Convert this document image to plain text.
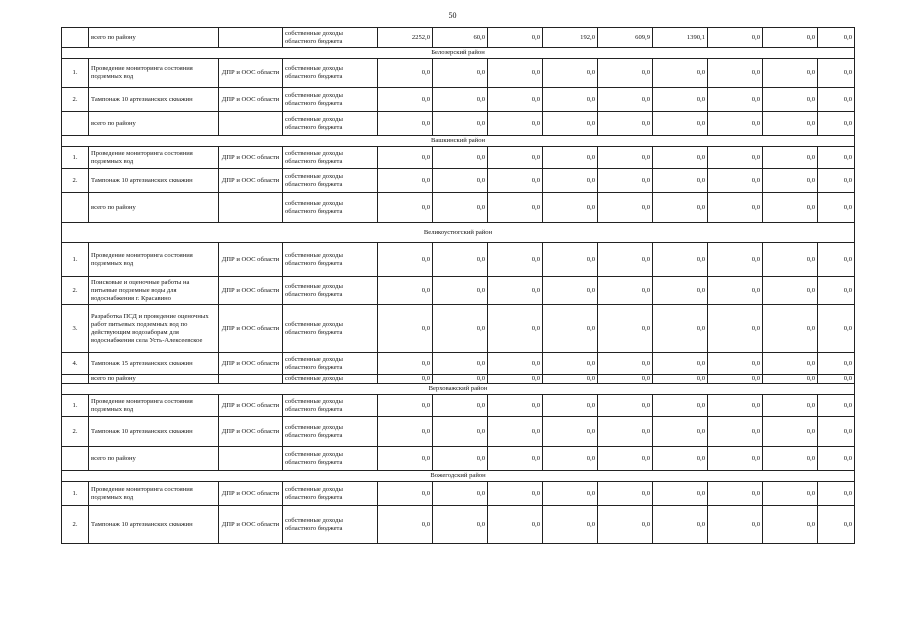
50
	всего по району		собственные доходы областного бюджета	2252,0	60,0	0,0	192,0	609,9	1390,1	0,0	0,0	0,0
Белозерский район												
1.	Проведение мониторинга состояния подземных вод	ДПР и ООС области	собственные доходы областного бюджета	0,0	0,0	0,0	0,0	0,0	0,0	0,0	0,0	0,0
2.	Тампонаж 10 артезианских скважин	ДПР и ООС области	собственные доходы областного бюджета	0,0	0,0	0,0	0,0	0,0	0,0	0,0	0,0	0,0
	всего по району		собственные доходы областного бюджета	0,0	0,0	0,0	0,0	0,0	0,0	0,0	0,0	0,0
Вашкинский район												
1.	Проведение мониторинга состояния подземных вод	ДПР и ООС области	собственные доходы областного бюджета	0,0	0,0	0,0	0,0	0,0	0,0	0,0	0,0	0,0
2.	Тампонаж 10 артезианских скважин	ДПР и ООС области	собственные доходы областного бюджета	0,0	0,0	0,0	0,0	0,0	0,0	0,0	0,0	0,0
	всего по району		собственные доходы областного бюджета	0,0	0,0	0,0	0,0	0,0	0,0	0,0	0,0	0,0
Великоустюгский район												
1.	Проведение мониторинга состояния подземных вод	ДПР и ООС области	собственные доходы областного бюджета	0,0	0,0	0,0	0,0	0,0	0,0	0,0	0,0	0,0
2.	Поисковые и оценочные работы на питьевые подземные воды для водоснабжения г. Красавино	ДПР и ООС области	собственные доходы областного бюджета	0,0	0,0	0,0	0,0	0,0	0,0	0,0	0,0	0,0
3.	Разработка ПСД и проведение оценочных работ питьевых подземных вод по действующим водозаборам для водоснабжения села Усть-Алексеевское	ДПР и ООС области	собственные доходы областного бюджета	0,0	0,0	0,0	0,0	0,0	0,0	0,0	0,0	0,0
4.	Тампонаж 15 артезианских скважин	ДПР и ООС области	собственные доходы областного бюджета	0,0	0,0	0,0	0,0	0,0	0,0	0,0	0,0	0,0
	всего по району		собственные доходы	0,0	0,0	0,0	0,0	0,0	0,0	0,0	0,0	0,0
Верховажский район												
1.	Проведение мониторинга состояния подземных вод	ДПР и ООС области	собственные доходы областного бюджета	0,0	0,0	0,0	0,0	0,0	0,0	0,0	0,0	0,0
2.	Тампонаж 10 артезианских скважин	ДПР и ООС области	собственные доходы областного бюджета	0,0	0,0	0,0	0,0	0,0	0,0	0,0	0,0	0,0
	всего по району		собственные доходы областного бюджета	0,0	0,0	0,0	0,0	0,0	0,0	0,0	0,0	0,0
Вожегодский район												
1.	Проведение мониторинга состояния подземных вод	ДПР и ООС области	собственные доходы областного бюджета	0,0	0,0	0,0	0,0	0,0	0,0	0,0	0,0	0,0
2.	Тампонаж 10 артезианских скважин	ДПР и ООС области	собственные доходы областного бюджета	0,0	0,0	0,0	0,0	0,0	0,0	0,0	0,0	0,0
